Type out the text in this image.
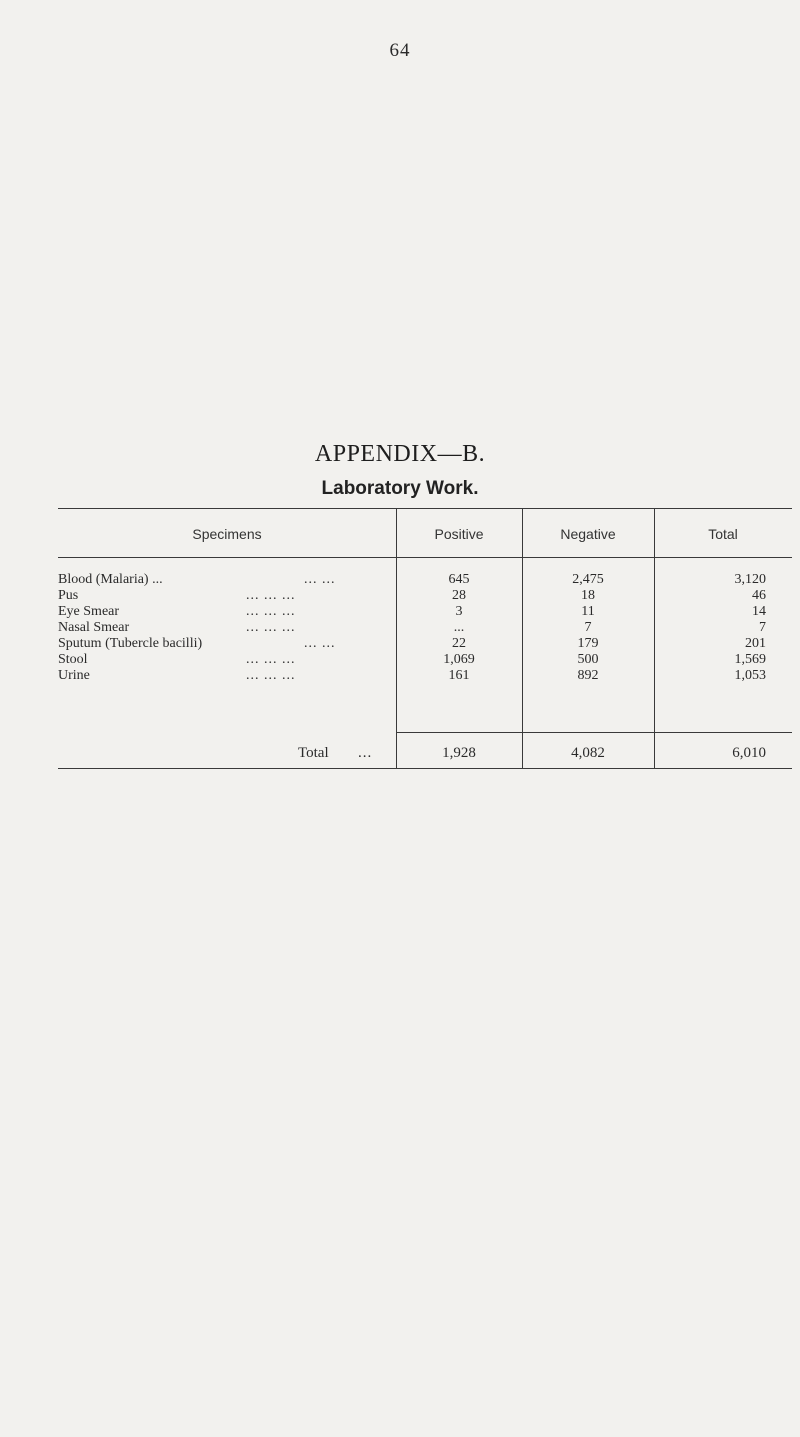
64
APPENDIX—B.
Laboratory Work.
Specimens	Positive	Negative	Total
Blood (Malaria) ...	... ...	645	2,475	3,120
Pus	... ... ...	28	18	46
Eye Smear	... ... ...	3	11	14
Nasal Smear	... ... ...	...	7	7
Sputum (Tubercle bacilli)	... ...	22	179	201
Stool	... ... ...	1,069	500	1,569
Urine	... ... ...	161	892	1,053
Total ...	1,928	4,082	6,010
